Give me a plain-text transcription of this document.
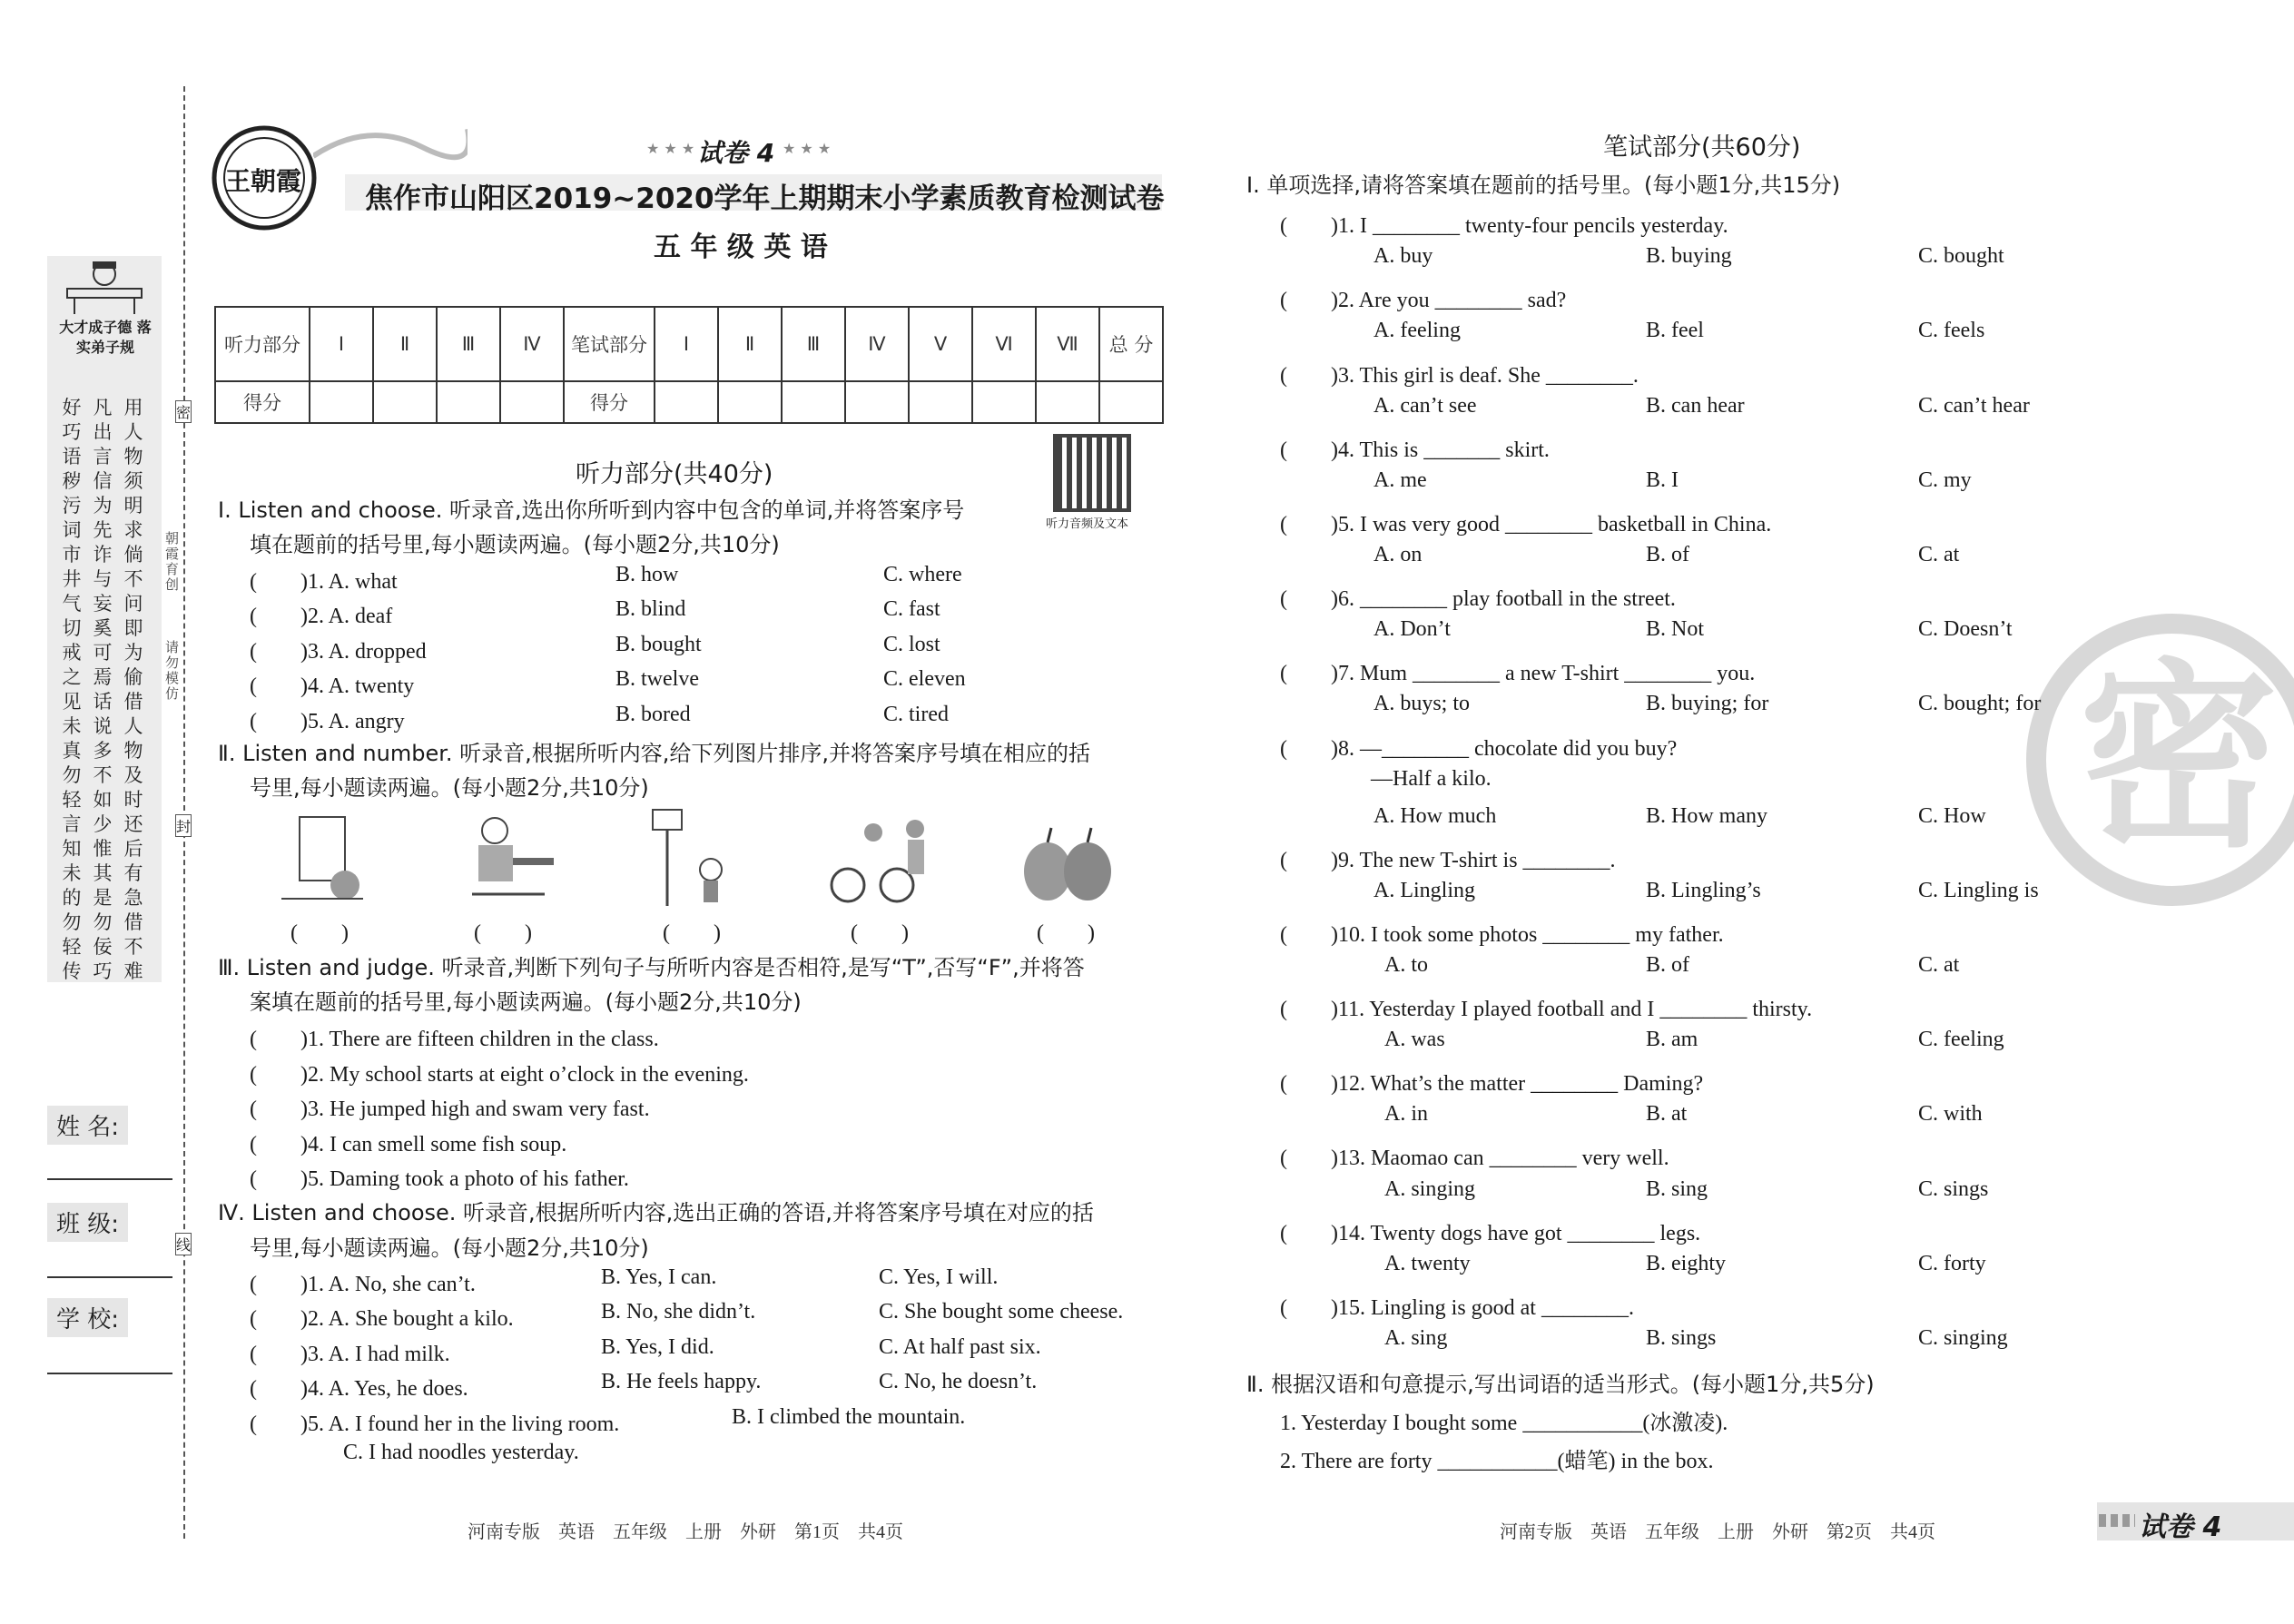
大才成子德 落实弟子规
好巧语秽污词市井气切戒之见未真勿轻言知未的勿轻传
凡出言信为先诈与妄奚可焉话说多不如少惟其是勿佞巧
用人物须明求倘不问即为偷借人物及时还后有急借不难
姓 名:
班 级:
学 校:
密
封
线
朝霞育创
请勿模仿
王朝霞
★ ★ ★ 试卷 4 ★ ★ ★
焦作市山阳区2019~2020学年上期期末小学素质教育检测试卷
五 年 级 英 语
听力部分	Ⅰ	Ⅱ	Ⅲ	Ⅳ	笔试部分	Ⅰ	Ⅱ	Ⅲ	Ⅳ	Ⅴ	Ⅵ	Ⅶ	总 分
得分					得分								
听力音频及文本
听力部分(共40分)
Ⅰ. Listen and choose. 听录音,选出你所听到内容中包含的单词,并将答案序号
填在题前的括号里,每小题读两遍。(每小题2分,共10分)
(　　)1. A. what	B. how	C. where
(　　)2. A. deaf	B. blind	C. fast
(　　)3. A. dropped	B. bought	C. lost
(　　)4. A. twenty	B. twelve	C. eleven
(　　)5. A. angry	B. bored	C. tired
Ⅱ. Listen and number. 听录音,根据所听内容,给下列图片排序,并将答案序号填在相应的括
号里,每小题读两遍。(每小题2分,共10分)
(　　)	(　　)	(　　)	(　　)	(　　)
Ⅲ. Listen and judge. 听录音,判断下列句子与所听内容是否相符,是写“T”,否写“F”,并将答
案填在题前的括号里,每小题读两遍。(每小题2分,共10分)
(　　)1. There are fifteen children in the class.
(　　)2. My school starts at eight o’clock in the evening.
(　　)3. He jumped high and swam very fast.
(　　)4. I can smell some fish soup.
(　　)5. Daming took a photo of his father.
Ⅳ. Listen and choose. 听录音,根据所听内容,选出正确的答语,并将答案序号填在对应的括
号里,每小题读两遍。(每小题2分,共10分)
(　　)1. A. No, she can’t.	B. Yes, I can.	C. Yes, I will.
(　　)2. A. She bought a kilo.	B. No, she didn’t.	C. She bought some cheese.
(　　)3. A. I had milk.	B. Yes, I did.	C. At half past six.
(　　)4. A. Yes, he does.	B. He feels happy.	C. No, he doesn’t.
(　　)5. A. I found her in the living room.	B. I climbed the mountain.
C. I had noodles yesterday.
河南专版　英语　五年级　上册　外研　第1页　共4页
密
笔试部分(共60分)
Ⅰ. 单项选择,请将答案填在题前的括号里。(每小题1分,共15分)
(　　)1. I ________ twenty-four pencils yesterday.
A. buy	B. buying	C. bought
(　　)2. Are you ________ sad?
A. feeling	B. feel	C. feels
(　　)3. This girl is deaf. She ________.
A. can’t see	B. can hear	C. can’t hear
(　　)4. This is _______ skirt.
A. me	B. I	C. my
(　　)5. I was very good ________ basketball in China.
A. on	B. of	C. at
(　　)6. ________ play football in the street.
A. Don’t	B. Not	C. Doesn’t
(　　)7. Mum ________ a new T-shirt ________ you.
A. buys; to	B. buying; for	C. bought; for
(　　)8. —________ chocolate did you buy?
—Half a kilo.
A. How much	B. How many	C. How
(　　)9. The new T-shirt is ________.
A. Lingling	B. Lingling’s	C. Lingling is
(　　)10. I took some photos ________ my father.
A. to	B. of	C. at
(　　)11. Yesterday I played football and I ________ thirsty.
A. was	B. am	C. feeling
(　　)12. What’s the matter ________ Daming?
A. in	B. at	C. with
(　　)13. Maomao can ________ very well.
A. singing	B. sing	C. sings
(　　)14. Twenty dogs have got ________ legs.
A. twenty	B. eighty	C. forty
(　　)15. Lingling is good at ________.
A. sing	B. sings	C. singing
Ⅱ. 根据汉语和句意提示,写出词语的适当形式。(每小题1分,共5分)
1. Yesterday I bought some ___________(冰激凌).
2. There are forty ___________(蜡笔) in the box.
河南专版　英语　五年级　上册　外研　第2页　共4页	试卷 4
